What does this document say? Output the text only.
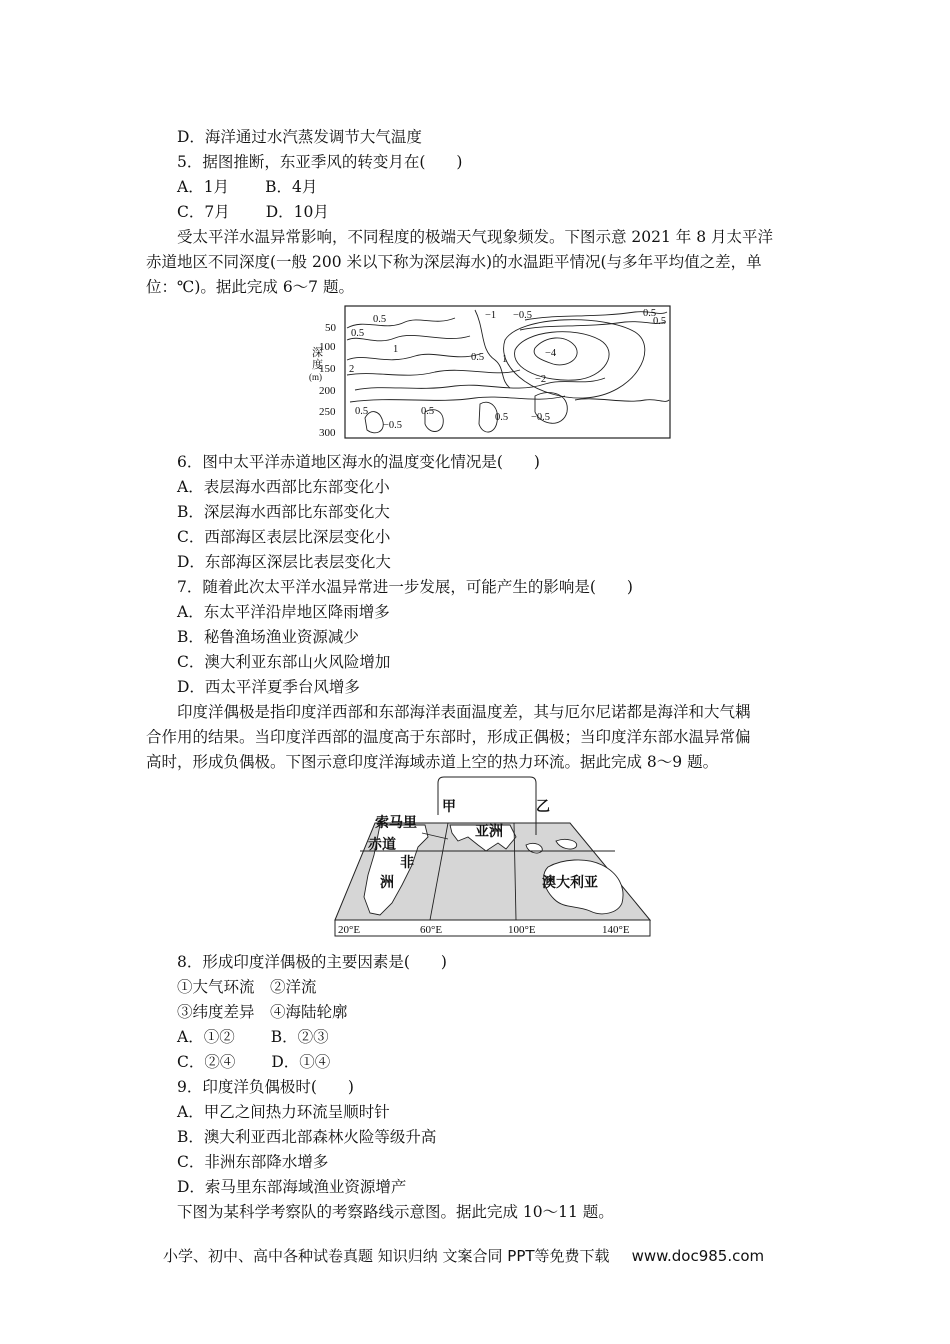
D．海洋通过水汽蒸发调节大气温度
5．据图推断，东亚季风的转变月在(　　)
A．1月 B．4月
C．7月 D．10月
受太平洋水温异常影响，不同程度的极端天气现象频发。下图示意 2021 年 8 月太平洋
赤道地区不同深度(一般 200 米以下称为深层海水)的水温距平情况(与多年平均值之差，单
位：℃)。据此完成 6～7 题。
深
度
(m)
50
100
150
200
250
300
0.5
0.5
1
2
0.5 1
−1 −0.5
−4
0.5
−2
0.5
−0.5
0.5
−0.5
0.5
0.5
6．图中太平洋赤道地区海水的温度变化情况是(　　)
A．表层海水西部比东部变化小
B．深层海水西部比东部变化大
C．西部海区表层比深层变化小
D．东部海区深层比表层变化大
7．随着此次太平洋水温异常进一步发展，可能产生的影响是(　　)
A．东太平洋沿岸地区降雨增多
B．秘鲁渔场渔业资源减少
C．澳大利亚东部山火风险增加
D．西太平洋夏季台风增多
印度洋偶极是指印度洋西部和东部海洋表面温度差，其与厄尔尼诺都是海洋和大气耦
合作用的结果。当印度洋西部的温度高于东部时，形成正偶极；当印度洋东部水温异常偏
高时，形成负偶极。下图示意印度洋海域赤道上空的热力环流。据此完成 8～9 题。
甲	乙
索马里
赤道
亚洲
非
洲	澳大利亚
20°E	60°E	100°E	140°E
8．形成印度洋偶极的主要因素是(　　)
①大气环流　②洋流
③纬度差异　④海陆轮廓
A．①② B．②③
C．②④ D．①④
9．印度洋负偶极时(　　)
A．甲乙之间热力环流呈顺时针
B．澳大利亚西北部森林火险等级升高
C．非洲东部降水增多
D．索马里东部海域渔业资源增产
下图为某科学考察队的考察路线示意图。据此完成 10～11 题。
小学、初中、高中各种试卷真题 知识归纳 文案合同 PPT等免费下载 www.doc985.com
